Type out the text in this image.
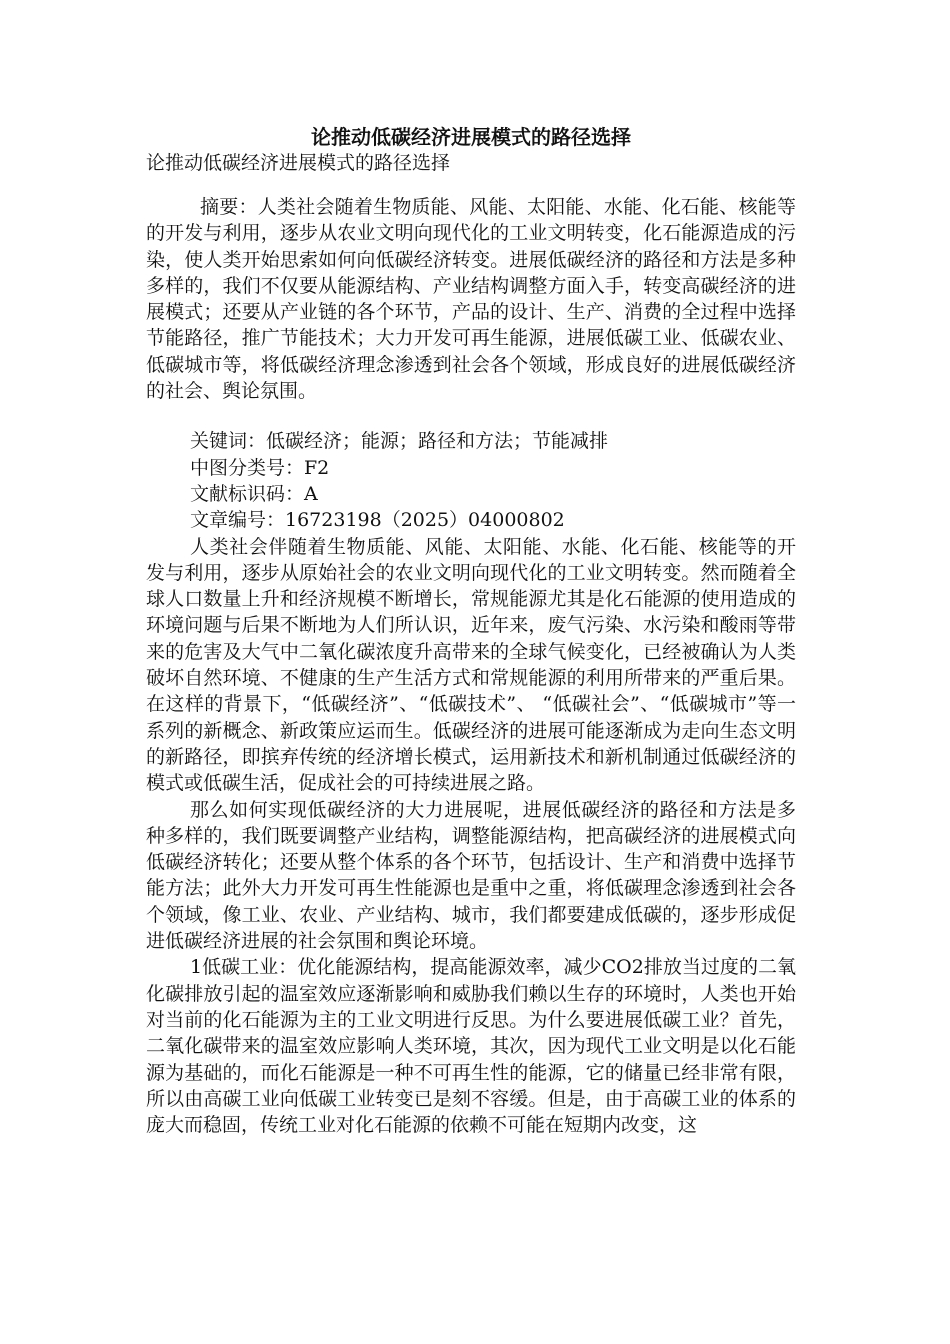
论推动低碳经济进展模式的路径选择

论推动低碳经济进展模式的路径选择

摘要：人类社会随着生物质能、风能、太阳能、水能、化石能、核能等的开发与利用，逐步从农业文明向现代化的工业文明转变，化石能源造成的污染，使人类开始思索如何向低碳经济转变。进展低碳经济的路径和方法是多种多样的，我们不仅要从能源结构、产业结构调整方面入手，转变高碳经济的进展模式；还要从产业链的各个环节，产品的设计、生产、消费的全过程中选择节能路径，推广节能技术；大力开发可再生能源，进展低碳工业、低碳农业、低碳城市等，将低碳经济理念渗透到社会各个领域，形成良好的进展低碳经济的社会、舆论氛围。

关键词：低碳经济；能源；路径和方法；节能减排

中图分类号：F2

文献标识码：A

文章编号：16723198（2025）04000802

人类社会伴随着生物质能、风能、太阳能、水能、化石能、核能等的开发与利用，逐步从原始社会的农业文明向现代化的工业文明转变。然而随着全球人口数量上升和经济规模不断增长，常规能源尤其是化石能源的使用造成的环境问题与后果不断地为人们所认识，近年来，废气污染、水污染和酸雨等带来的危害及大气中二氧化碳浓度升高带来的全球气候变化，已经被确认为人类破坏自然环境、不健康的生产生活方式和常规能源的利用所带来的严重后果。在这样的背景下，“低碳经济”、“低碳技术”、 “低碳社会”、“低碳城市”等一系列的新概念、新政策应运而生。低碳经济的进展可能逐渐成为走向生态文明的新路径，即摈弃传统的经济增长模式，运用新技术和新机制通过低碳经济的模式或低碳生活，促成社会的可持续进展之路。

那么如何实现低碳经济的大力进展呢，进展低碳经济的路径和方法是多种多样的，我们既要调整产业结构，调整能源结构，把高碳经济的进展模式向低碳经济转化；还要从整个体系的各个环节，包括设计、生产和消费中选择节能方法；此外大力开发可再生性能源也是重中之重，将低碳理念渗透到社会各个领域，像工业、农业、产业结构、城市，我们都要建成低碳的，逐步形成促进低碳经济进展的社会氛围和舆论环境。

1低碳工业：优化能源结构，提高能源效率，减少CO2排放当过度的二氧化碳排放引起的温室效应逐渐影响和威胁我们赖以生存的环境时，人类也开始对当前的化石能源为主的工业文明进行反思。为什么要进展低碳工业？首先，二氧化碳带来的温室效应影响人类环境，其次，因为现代工业文明是以化石能源为基础的，而化石能源是一种不可再生性的能源，它的储量已经非常有限，所以由高碳工业向低碳工业转变已是刻不容缓。但是，由于高碳工业的体系的庞大而稳固，传统工业对化石能源的依赖不可能在短期内改变，这
